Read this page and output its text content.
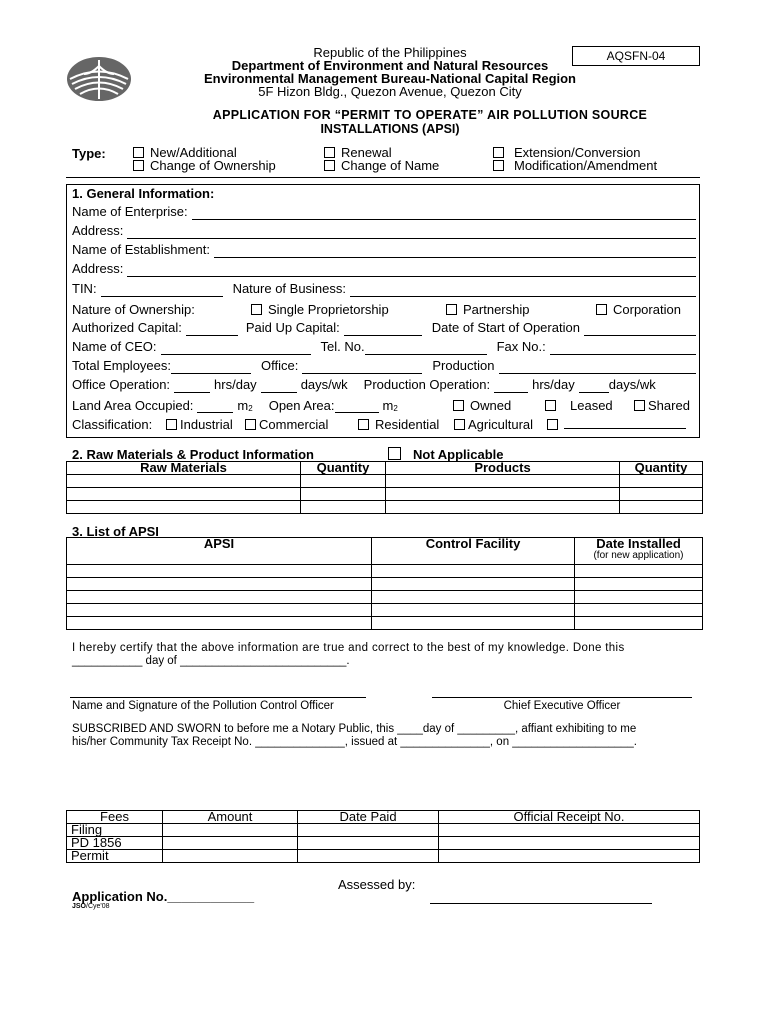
Republic of the Philippines
Department of Environment and Natural Resources
Environmental Management Bureau-National Capital Region
5F Hizon Bldg., Quezon Avenue, Quezon City
AQSFN-04
APPLICATION FOR “PERMIT TO OPERATE” AIR POLLUTION SOURCE
INSTALLATIONS (APSI)
Type:	New/Additional	Renewal	Extension/Conversion
Change of Ownership	Change of Name	Modification/Amendment
1. General Information:
Name of Enterprise:
Address:
Name of Establishment:
Address:
TIN:	Nature of Business:
Nature of Ownership:	Single Proprietorship	Partnership	Corporation
Authorized Capital:	Paid Up Capital:	Date of Start of Operation
Name of CEO:	Tel. No.	Fax No.:
Total Employees:	Office:	Production
Office Operation:	hrs/day	days/wk Production Operation:	hrs/day	days/wk
Land Area Occupied:	$m_2$ Open Area:	$m_2$	Owned	Leased	Shared
Classification:	Industrial	Commercial	Residential	Agricultural
2. Raw Materials & Product Information	Not Applicable
Raw Materials	Quantity	Products	Quantity

3. List of APSI
APSI	Control Facility	Date Installed
(for new application)

I hereby certify that the above information are true and correct to the best of my knowledge. Done this
___________ day of __________________________.
Name and Signature of the Pollution Control Officer	Chief Executive Officer
SUBSCRIBED AND SWORN to before me a Notary Public, this ____day of _________, affiant exhibiting to me
his/her Community Tax Receipt No. ______________, issued at ______________, on ___________________.
Fees	Amount	Date Paid	Official Receipt No.
Filing			
PD 1856			
Permit			
Assessed by:
Application No.____________
JSO/Cye'08
